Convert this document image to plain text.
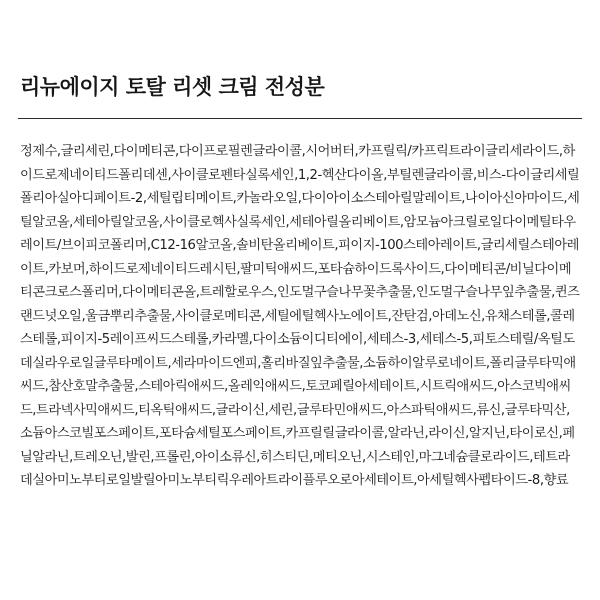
리뉴에이지 토탈 리셋 크림 전성분
정제수,글리세린,다이메티콘,다이프로필렌글라이콜,시어버터,카프릴릭/카프릭트라이글리세라이드,하이드로제네이티드폴리데센,사이클로펜타실록세인,1,2-헥산다이올,부틸렌글라이콜,비스-다이글리세릴폴리아실아디페이트-2,세틸립티메이트,카놀라오일,다이아이소스테아릴말레이트,나이아신아마이드,세틸알코올,세테아릴알코올,사이클로헥사실록세인,세테아릴올리베이트,암모늄아크릴로일다이메틸타우레이트/브이피코폴리머,C12-16알코올,솔비탄올리베이트,피이지-100스테아레이트,글리세릴스테아레이트,카보머,하이드로제네이티드레시틴,팔미틱애씨드,포타슘하이드록사이드,다이메티콘/비닐다이메티콘크로스폴리머,다이메티콘올,트레할로우스,인도멀구슬나무꽃추출물,인도멀구슬나무잎추출물,퀸즈랜드넛오일,울금뿌리추출물,사이클로메티콘,세틸에틸헥사노에이트,잔탄검,아데노신,유채스테롤,콜레스테롤,피이지-5레이프씨드스테롤,카라멜,다이소듐이디티에이,세테스-3,세테스-5,피토스테릴/옥틸도데실라우로일글루타메이트,세라마이드엔피,홀리바질잎추출물,소듐하이알루로네이트,폴리글루타믹애씨드,참산호말추출물,스테아릭애씨드,올레익애씨드,토코페릴아세테이트,시트릭애씨드,아스코빅애씨드,트라넥사믹애씨드,티옥틱애씨드,글라이신,세린,글루타민애씨드,아스파틱애씨드,류신,글루타믹산,소듐아스코빌포스페이트,포타슘세틸포스페이트,카프릴릴글라이콜,알라닌,라이신,알지닌,타이로신,페닐알라닌,트레오닌,발린,프롤린,아이소류신,히스티딘,메티오닌,시스테인,마그네슘클로라이드,테트라데실아미노부티로일발릴아미노부티릭우레아트라이플루오로아세테이트,아세틸헥사펩타이드-8,향료
